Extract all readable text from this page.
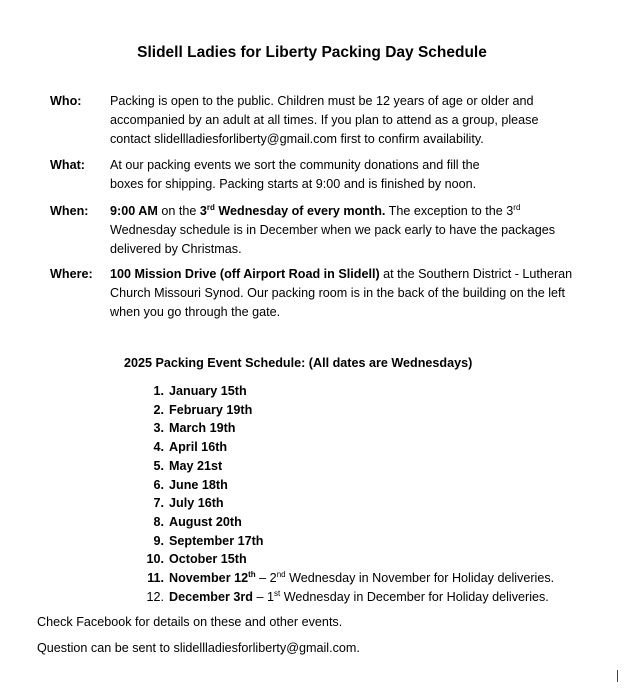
Slidell Ladies for Liberty Packing Day Schedule
Who: Packing is open to the public. Children must be 12 years of age or older and
accompanied by an adult at all times. If you plan to attend as a group, please
contact slidellladiesforliberty@gmail.com first to confirm availability.
What: At our packing events we sort the community donations and fill the
boxes for shipping. Packing starts at 9:00 and is finished by noon.
When: 9:00 AM on the 3rd Wednesday of every month. The exception to the 3rd
Wednesday schedule is in December when we pack early to have the packages
delivered by Christmas.
Where: 100 Mission Drive (off Airport Road in Slidell) at the Southern District - Lutheran
Church Missouri Synod. Our packing room is in the back of the building on the left
when you go through the gate.
2025 Packing Event Schedule: (All dates are Wednesdays)
1. January 15th
2. February 19th
3. March 19th
4. April 16th
5. May 21st
6. June 18th
7. July 16th
8. August 20th
9. September 17th
10. October 15th
11. November 12th – 2nd Wednesday in November for Holiday deliveries.
12. December 3rd – 1st Wednesday in December for Holiday deliveries.
Check Facebook for details on these and other events.
Question can be sent to slidellladiesforliberty@gmail.com.
